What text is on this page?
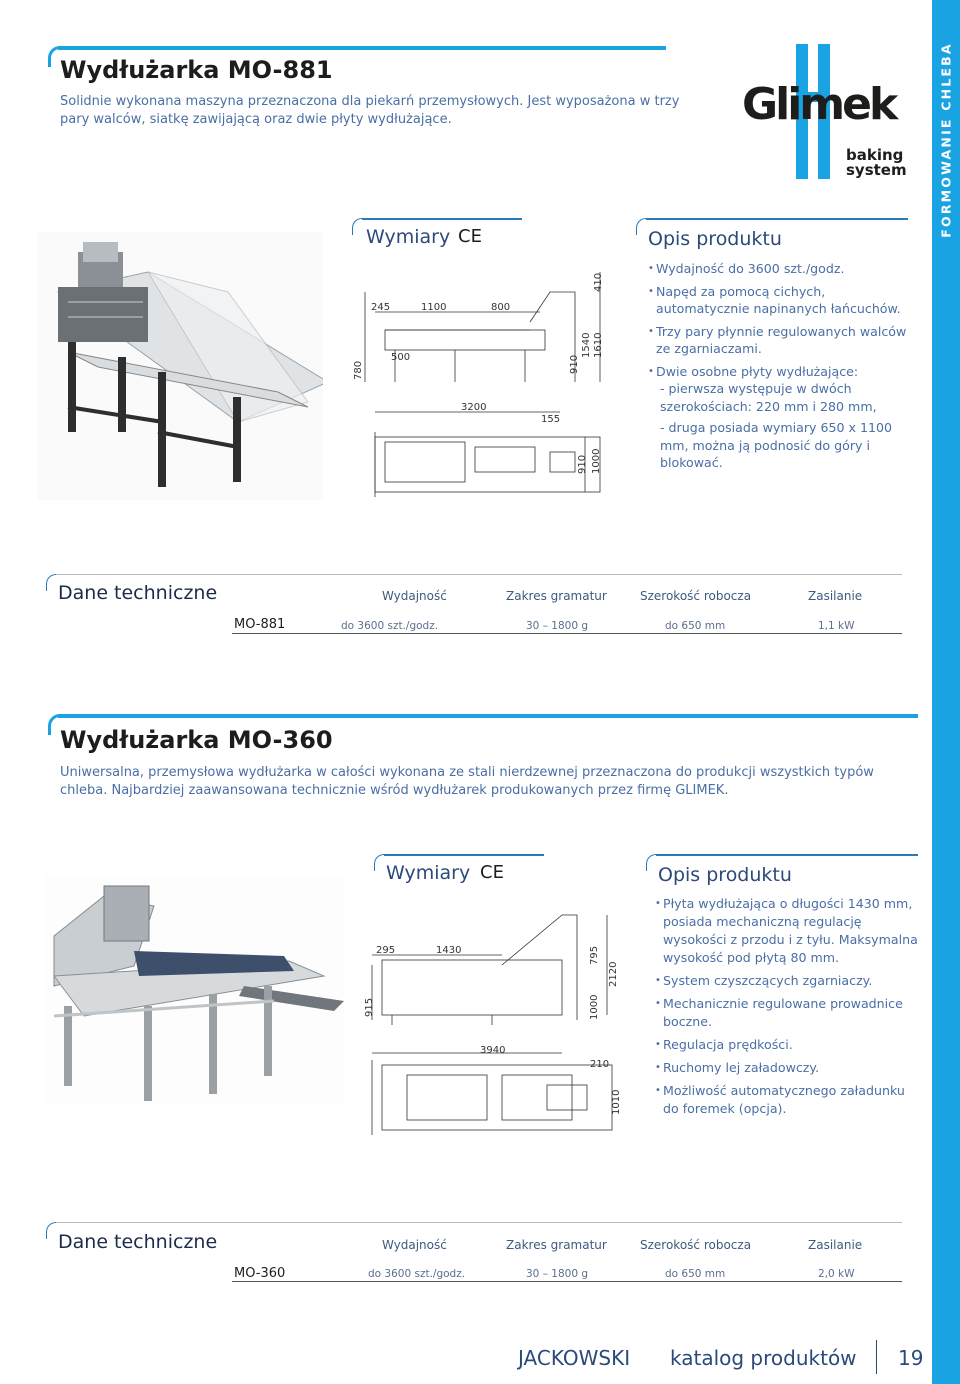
FORMOWANIE CHLEBA
Wydłużarka MO-881
Solidnie wykonana maszyna przeznaczona dla piekarń przemysłowych. Jest wyposażona w trzy pary walców, siatkę zawijającą oraz dwie płyty wydłużające.	Glimek
baking
system
Wymiary CE
245	1100	800
500
3200
155
780	910
1540 1610
410
910 1000
Opis produktu
• Wydajność do 3600 szt./godz.
• Napęd za pomocą cichych, automatycznie napinanych łańcuchów.
• Trzy pary płynnie regulowanych walców ze zgarniaczami.
• Dwie osobne płyty wydłużające:
- pierwsza występuje w dwóch szerokościach: 220 mm i 280 mm,
- druga posiada wymiary 650 x 1100 mm, można ją podnosić do góry i blokować.
Dane techniczne	Wydajność	Zakres gramatur	Szerokość robocza	Zasilanie
MO-881	do 3600 szt./godz.	30 – 1800 g	do 650 mm	1,1 kW
Wydłużarka MO-360
Uniwersalna, przemysłowa wydłużarka w całości wykonana ze stali nierdzewnej przeznaczona do produkcji wszystkich typów chleba. Najbardziej zaawansowana technicznie wśród wydłużarek produkowanych przez firmę GLIMEK.
Wymiary CE
295	1430
3940
210
915	1000
795
2120
1010
Opis produktu
• Płyta wydłużająca o długości 1430 mm, posiada mechaniczną regulację wysokości z przodu i z tyłu. Maksymalna wysokość pod płytą 80 mm.
• System czyszczących zgarniaczy.
• Mechanicznie regulowane prowadnice boczne.
• Regulacja prędkości.
• Ruchomy lej załadowczy.
• Możliwość automatycznego załadunku do foremek (opcja).
Dane techniczne	Wydajność	Zakres gramatur	Szerokość robocza	Zasilanie
MO-360	do 3600 szt./godz.	30 – 1800 g	do 650 mm	2,0 kW
JACKOWSKI katalog produktów 19
